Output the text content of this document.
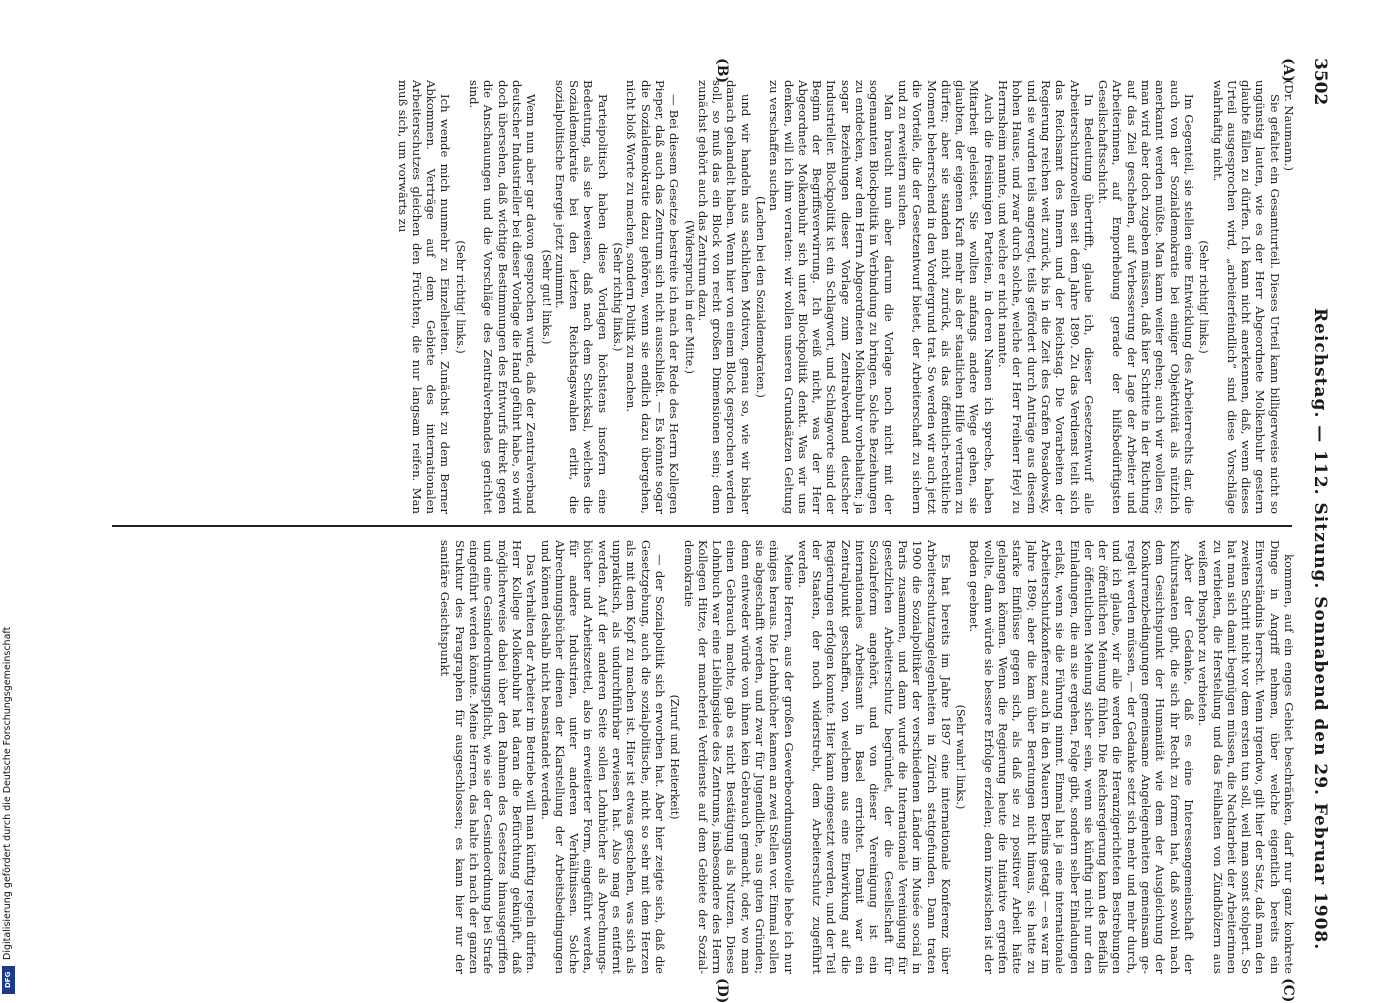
3502
Reichstag. — 112. Sitzung. Sonnabend den 29. Februar 1908.
(A)
(B)
(C)
(D)

(Dr. Naumann.)

Sie gefaltet ein Gesamturteil. Dieses Urteil kann billigerweise nicht so ungünstig lauten, wie es der Herr Abgeordnete Molkenbuhr gestern glaubte fällen zu dürfen. Ich kann nicht anerkennen, daß, wenn dieses Urteil ausgesprochen wird, „arbeiterfeindlich“ sind diese Vorschläge wahrhaftig nicht.

(Sehr richtig! links.)

Im Gegenteil, sie stellen eine Entwicklung des Arbeiterrechts dar, die auch von der Sozialdemokratie bei einiger Objektivität als nützlich anerkannt werden müßte. Man kann weiter gehen; auch wir wollen es; man wird aber doch zugeben müssen, daß hier Schritte in der Richtung auf das Ziel geschehen, auf Verbesserung der Lage der Arbeiter und Arbeiterinnen, auf Emporhebung gerade der hilfsbedürftigsten Gesellschaftsschicht.

In Bedeutung übertrifft, glaube ich, dieser Gesetzentwurf alle Arbeiterschutznovellen seit dem Jahre 1890. Zu das Verdienst teilt sich das Reichsamt des Innern und der Reichstag. Die Vorarbeiten der Regierung reichen weit zurück, bis in die Zeit des Grafen Posadowsky, und sie wurden teils angeregt, teils gefördert durch Anträge aus diesem hohen Hause, und zwar durch solche, welche der Herr Freiherr Heyl zu Herrnsheim nannte, und welche er nicht nannte.

Auch die freisinnigen Parteien, in deren Namen ich spreche, haben Mitarbeit geleistet. Sie wollten anfangs andere Wege gehen, sie glaubten, der eigenen Kraft mehr als der staatlichen Hilfe vertrauen zu dürfen; aber sie standen nicht zurück, als das öffentlich-rechtliche Moment beherrschend in den Vordergrund trat. So werden wir auch jetzt die Vorteile, die der Gesetzentwurf bietet, der Arbeiterschaft zu sichern und zu erweitern suchen.

Man braucht nun aber darum die Vorlage noch nicht mit der sogenannten Blockpolitik in Verbindung zu bringen. Solche Beziehungen zu entdecken, war dem Herrn Abgeordneten Molkenbuhr vorbehalten; ja sogar Beziehungen dieser Vorlage zum Zentralverband deutscher Industrieller. Blockpolitik ist ein Schlagwort, und Schlagworte sind der Beginn der Begriffsverwirrung. Ich weiß nicht, was der Herr Abgeordnete Molkenbuhr sich unter Blockpolitik denkt. Was wir uns denken, will ich ihm verraten: wir wollen unseren Grundsätzen Geltung zu verschaffen suchen

(Lachen bei den Sozialdemokraten.)

und wir handeln aus sachlichen Motiven, genau so, wie wir bisher danach gehandelt haben. Wenn hier von einem Block gesprochen werden soll, so muß das ein Block von recht großen Dimensionen sein; denn zunächst gehört auch das Zentrum dazu.

(Widerspruch in der Mitte.)

— Bei diesem Gesetze bestreite ich nach der Rede des Herrn Kollegen Pieper, daß auch das Zentrum sich nicht ausschließt. — Es könnte sogar die Sozialdemokratie dazu gehören, wenn sie endlich dazu übergehen, nicht bloß Worte zu machen, sondern Politik zu machen.

(Sehr richtig links.)

Parteipolitisch haben diese Vorlagen höchstens insofern eine Bedeutung, als sie beweisen, daß nach dem Schicksal, welches die Sozialdemokratie bei den letzten Reichstagswahlen erlitt, die sozialpolitische Energie jetzt zunimmt.

(Sehr gut! links.)

Wenn nun aber gar davon gesprochen wurde, daß der Zentralverband deutscher Industrieller bei dieser Vorlage die Hand geführt habe, so wird doch übersehen, daß wichtige Bestimmungen des Entwurfs direkt gegen die Anschauungen und die Vorschläge des Zentralverbandes gerichtet sind.

(Sehr richtig! links.)

Ich wende mich nunmehr zu Einzelheiten. Zunächst zu dem Berner Abkommen. Verträge auf dem Gebiete des internationalen Arbeiterschutzes gleichen den Früchten, die nur langsam reifen. Man muß sich, um vorwärts zu

kommen, auf ein enges Gebiet beschränken, darf nur ganz konkrete Dinge in Angriff nehmen, über welche eigentlich bereits ein Einverständnis herrscht. Wenn irgendwo, gilt hier der Satz, daß man den zweiten Schritt nicht vor dem ersten tun soll, weil man sonst stolpert. So hat man sich damit begnügen müssen, die Nachtarbeit der Arbeiterinnen zu verbieten, die Herstellung und das Feilhalten von Zündhölzern aus weißem Phosphor zu verbieten.

Aber der Gedanke, daß es eine Interessengemeinschaft der Kulturstaaten gibt, die sich ihr Recht zu formen hat, daß sowohl nach dem Gesichtspunkt der Humanität wie dem der Ausgleichung der Konkurrenzbedingungen gemeinsame Angelegenheiten gemeinsam geregelt werden müssen, — der Gedanke setzt sich mehr und mehr durch, und ich glaube, wir alle werden die Heranzigerichteten Bestrebungen der öffentlichen Meinung fühlen. Die Reichsregierung kann des Beifalls der öffentlichen Meinung sicher sein, wenn sie künftig nicht nur den Einladungen, die an sie ergehen, Folge gibt, sondern selber Einladungen erlaßt, wenn sie die Führung nimmt. Einmal hat ja eine internationale Arbeiterschutzkonferenz auch in den Mauern Berlins getagt — es war im Jahre 1890; aber die kam über Beratungen nicht hinaus, sie hatte zu starke Einflüsse gegen sich, als daß sie zu positiver Arbeit hätte gelangen können. Wenn die Regierung heute die Initiative ergreifen wollte, dann würde sie bessere Erfolge erzielen; denn inzwischen ist der Boden geebnet.

(Sehr wahr! links.)

Es hat bereits im Jahre 1897 eine internationale Konferenz über Arbeiterschutzangelegenheiten in Zürich stattgefunden. Dann traten 1900 die Sozialpolitiker der verschiedenen Länder im Musée social in Paris zusammen, und dann wurde die Internationale Vereinigung für gesetzlichen Arbeiterschutz begründet, der die Gesellschaft für Sozialreform angehört, und von dieser Vereinigung ist ein internationales Arbeitsamt in Basel errichtet. Damit war ein Zentralpunkt geschaffen, von welchem aus eine Einwirkung auf die Regierungen erfolgen konnte. Hier kann eingesetzt werden, und der Teil der Staaten, der noch widerstrebt, dem Arbeiterschutz zugeführt werden.

Meine Herren, aus der großen Gewerbeordnungsnovelle hebe ich nur einiges heraus. Die Lohnbücher kamen an zwei Stellen vor. Einmal sollen sie abgeschafft werden, und zwar für Jugendliche, aus guten Gründen; denn entweder würde von ihnen kein Gebrauch gemacht, oder, wo man einen Gebrauch machte, gab es nicht Bestätigung als Nutzen. Dieses Lohnbuch war eine Lieblingsidee des Zentrums, insbesondere des Herrn Kollegen Hitze, der mancherlei Verdienste auf dem Gebiete der Sozialdemokratie

(Zuruf und Heiterkeit)

— der Sozialpolitik sich erworben hat. Aber hier zeigte sich, daß die Gesetzgebung, auch die sozialpolitische, nicht so sehr mit dem Herzen als mit dem Kopf zu machen ist. Hier ist etwas geschehen, was sich als unpraktisch, als undurchführbar erwiesen hat. Also mag es entfernt werden. Auf der anderen Seite sollen Lohnbücher als Abrechnungsbücher und Arbeitszettel, also in erweiterter Form, eingeführt werden, für andere Industrien, unter anderen Verhältnissen. Solche Abrechnungsbücher dienen der Klarstellung der Arbeitsbedingungen und können deshalb nicht beanstandet werden.

Das Verhalten der Arbeiter im Betriebe will man künftig regeln dürfen. Herr Kollege Molkenbuhr hat daran die Befürchtung geknüpft, daß möglicherweise dabei über den Rahmen des Gesetzes hinausgegriffen und eine Gesindeordnungspflicht, wie sie der Gesindeordnung bei Strafe eingeführt werden könnte. Meine Herren, das halte ich nach der ganzen Struktur des Paragraphen für ausgeschlossen; es kann hier nur der sanitäre Gesichtspunkt

Digitalisierung gefördert durch die Deutsche Forschungsgemeinschaft
DFG
